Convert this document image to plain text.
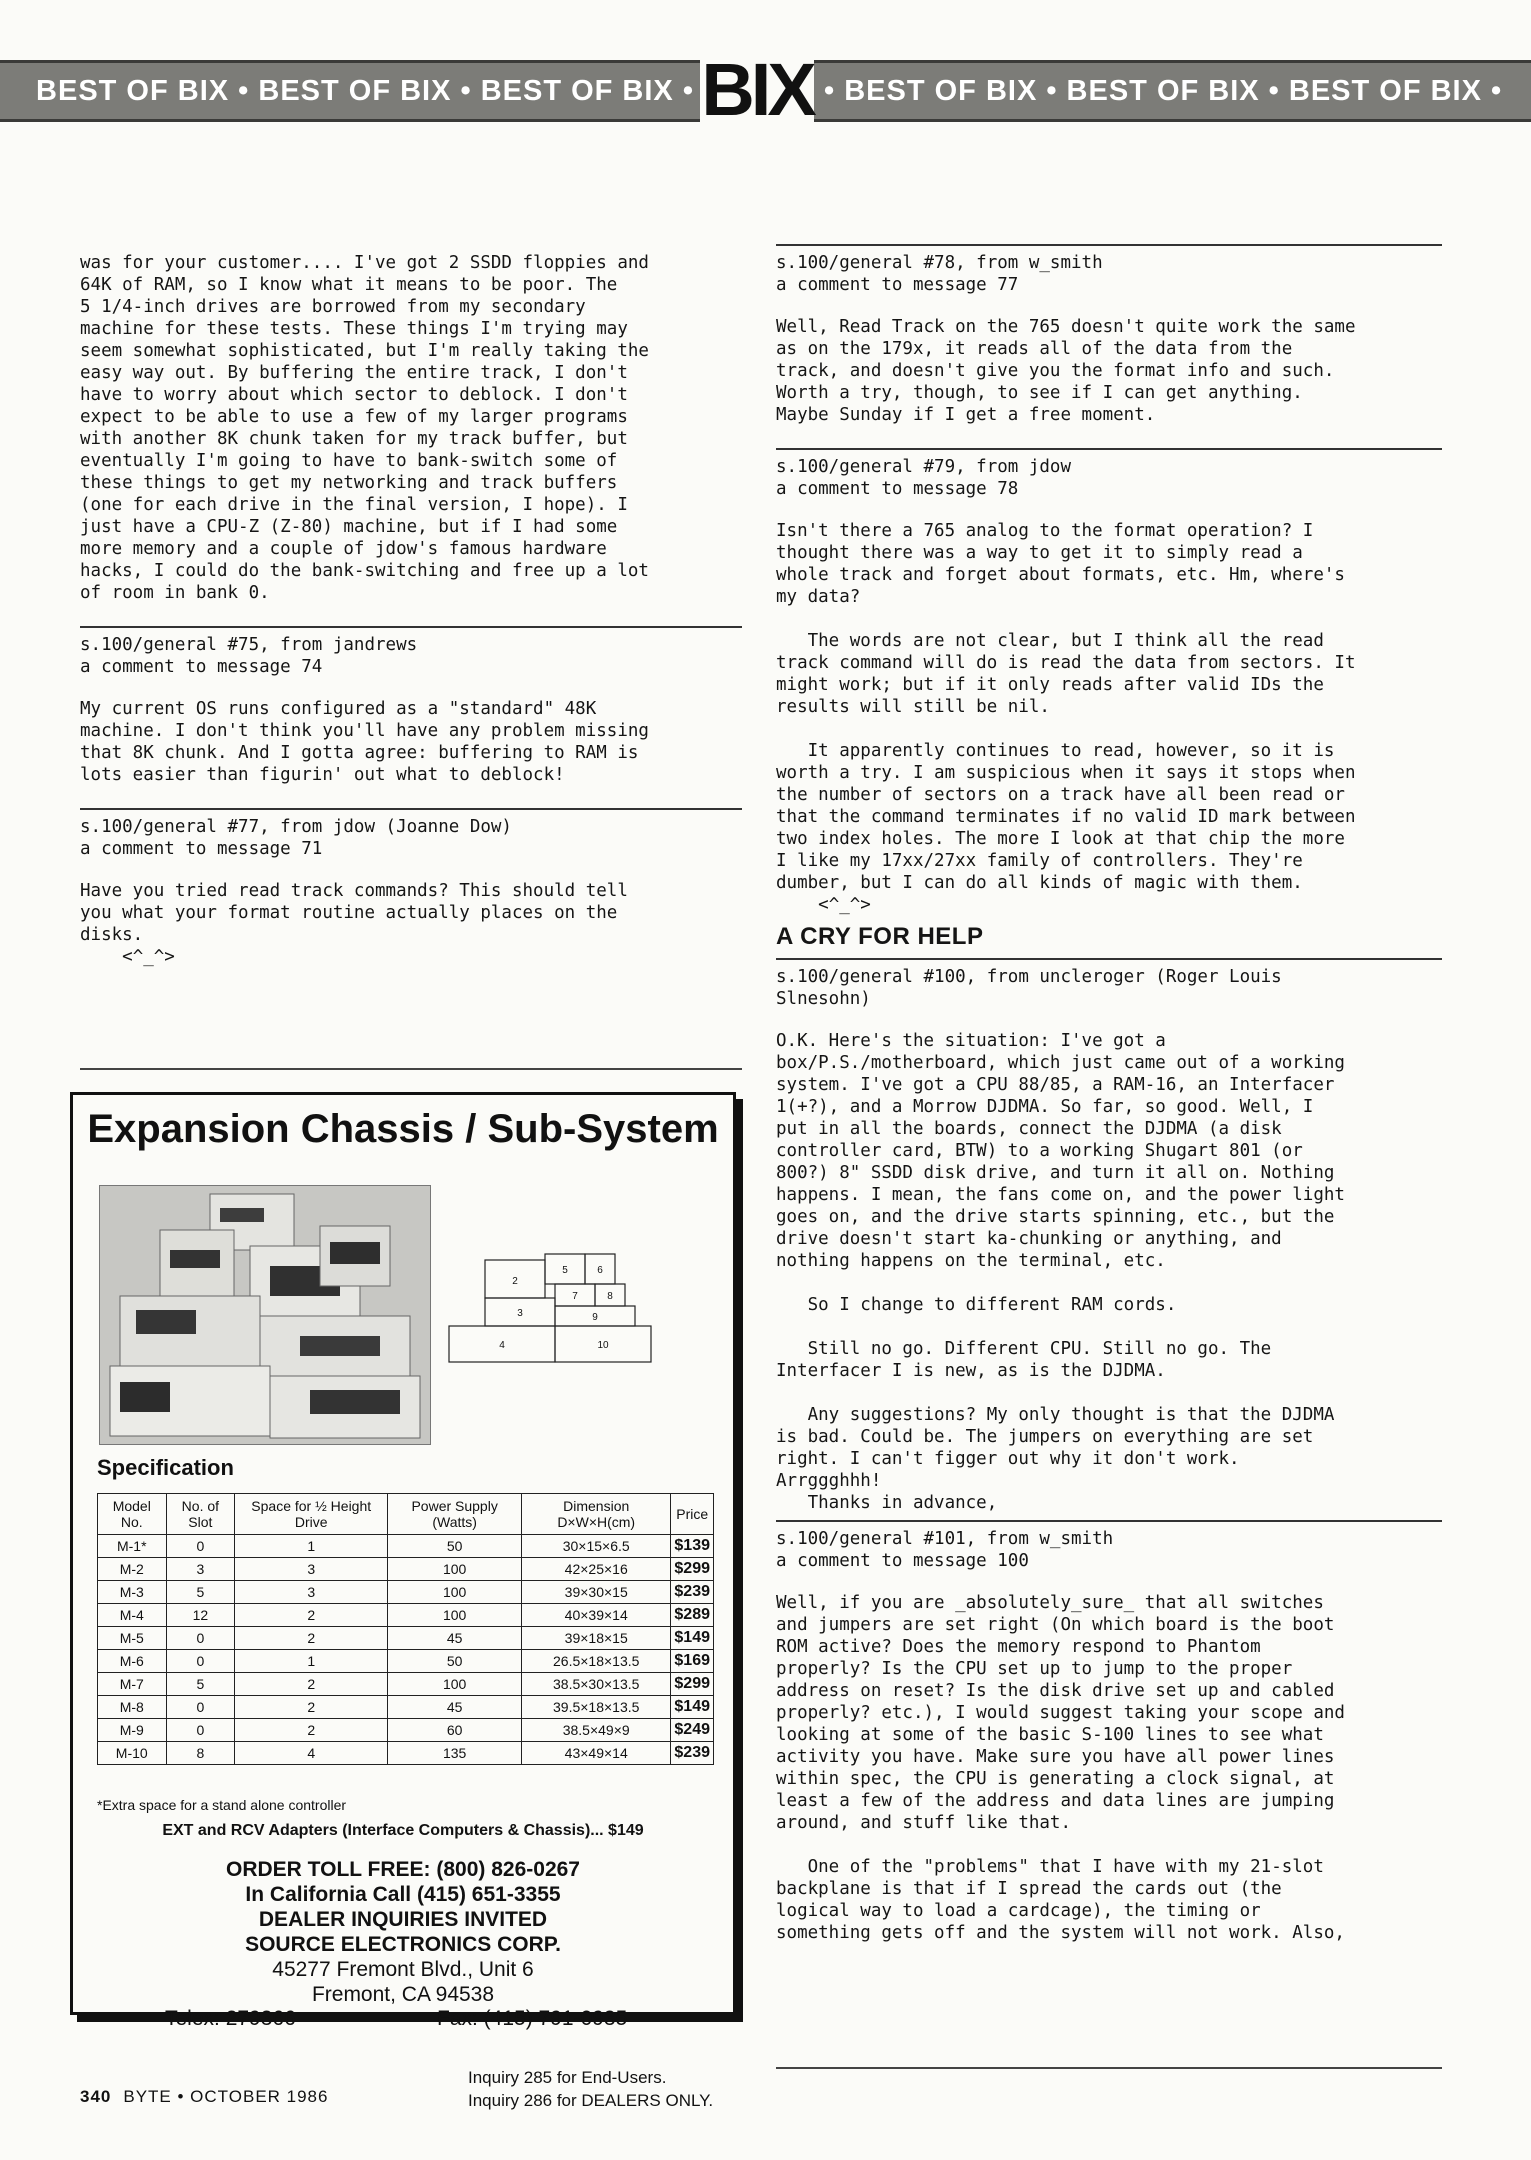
BEST OF BIX • BEST OF BIX • BEST OF BIX •	• BEST OF BIX • BEST OF BIX • BEST OF BIX •
BIX

was for your customer.... I've got 2 SSDD floppies and
64K of RAM, so I know what it means to be poor. The
5 1/4-inch drives are borrowed from my secondary
machine for these tests. These things I'm trying may
seem somewhat sophisticated, but I'm really taking the
easy way out. By buffering the entire track, I don't
have to worry about which sector to deblock. I don't
expect to be able to use a few of my larger programs
with another 8K chunk taken for my track buffer, but
eventually I'm going to have to bank-switch some of
these things to get my networking and track buffers
(one for each drive in the final version, I hope). I
just have a CPU-Z (Z-80) machine, but if I had some
more memory and a couple of jdow's famous hardware
hacks, I could do the bank-switching and free up a lot
of room in bank 0.

s.100/general #75, from jandrews
a comment to message 74

My current OS runs configured as a "standard" 48K
machine. I don't think you'll have any problem missing
that 8K chunk. And I gotta agree: buffering to RAM is
lots easier than figurin' out what to deblock!

s.100/general #77, from jdow (Joanne Dow)
a comment to message 71

Have you tried read track commands? This should tell
you what your format routine actually places on the
disks.
<^_^>

s.100/general #78, from w_smith
a comment to message 77

Well, Read Track on the 765 doesn't quite work the same
as on the 179x, it reads all of the data from the
track, and doesn't give you the format info and such.
Worth a try, though, to see if I can get anything.
Maybe Sunday if I get a free moment.

s.100/general #79, from jdow
a comment to message 78

Isn't there a 765 analog to the format operation? I
thought there was a way to get it to simply read a
whole track and forget about formats, etc. Hm, where's
my data?

The words are not clear, but I think all the read
track command will do is read the data from sectors. It
might work; but if it only reads after valid IDs the
results will still be nil.

It apparently continues to read, however, so it is
worth a try. I am suspicious when it says it stops when
the number of sectors on a track have all been read or
that the command terminates if no valid ID mark between
two index holes. The more I look at that chip the more
I like my 17xx/27xx family of controllers. They're
dumber, but I can do all kinds of magic with them.
<^_^>

A CRY FOR HELP
s.100/general #100, from uncleroger (Roger Louis
Slnesohn)

O.K. Here's the situation: I've got a
box/P.S./motherboard, which just came out of a working
system. I've got a CPU 88/85, a RAM-16, an Interfacer
1(+?), and a Morrow DJDMA. So far, so good. Well, I
put in all the boards, connect the DJDMA (a disk
controller card, BTW) to a working Shugart 801 (or
800?) 8" SSDD disk drive, and turn it all on. Nothing
happens. I mean, the fans come on, and the power light
goes on, and the drive starts spinning, etc., but the
drive doesn't start ka-chunking or anything, and
nothing happens on the terminal, etc.

So I change to different RAM cords.

Still no go. Different CPU. Still no go. The
Interfacer I is new, as is the DJDMA.

Any suggestions? My only thought is that the DJDMA
is bad. Could be. The jumpers on everything are set
right. I can't figger out why it don't work.
Arrggghhh!
Thanks in advance,

s.100/general #101, from w_smith
a comment to message 100

Well, if you are _absolutely_sure_ that all switches
and jumpers are set right (On which board is the boot
ROM active? Does the memory respond to Phantom
properly? Is the CPU set up to jump to the proper
address on reset? Is the disk drive set up and cabled
properly? etc.), I would suggest taking your scope and
looking at some of the basic S-100 lines to see what
activity you have. Make sure you have all power lines
within spec, the CPU is generating a clock signal, at
least a few of the address and data lines are jumping
around, and stuff like that.

One of the "problems" that I have with my 21-slot
backplane is that if I spread the cards out (the
logical way to load a cardcage), the timing or
something gets off and the system will not work. Also,

Expansion Chassis / Sub-System
2
3
4
5	6
7	8
9
10
Specification
Model No.	No. of Slot	Space for ½ Height Drive	Power Supply (Watts)	Dimension D×W×H(cm)	Price
M-1*	0	1	50	30×15×6.5	$139
M-2	3	3	100	42×25×16	$299
M-3	5	3	100	39×30×15	$239
M-4	12	2	100	40×39×14	$289
M-5	0	2	45	39×18×15	$149
M-6	0	1	50	26.5×18×13.5	$169
M-7	5	2	100	38.5×30×13.5	$299
M-8	0	2	45	39.5×18×13.5	$149
M-9	0	2	60	38.5×49×9	$249
M-10	8	4	135	43×49×14	$239
*Extra space for a stand alone controller
EXT and RCV Adapters (Interface Computers & Chassis)... $149
ORDER TOLL FREE: (800) 826-0267
In California Call (415) 651-3355
DEALER INQUIRIES INVITED
SOURCE ELECTRONICS CORP.
45277 Fremont Blvd., Unit 6
Fremont, CA 94538
Telex: 279366	Fax: (415) 791-0935
340 BYTE • OCTOBER 1986
Inquiry 285 for End-Users.
Inquiry 286 for DEALERS ONLY.
